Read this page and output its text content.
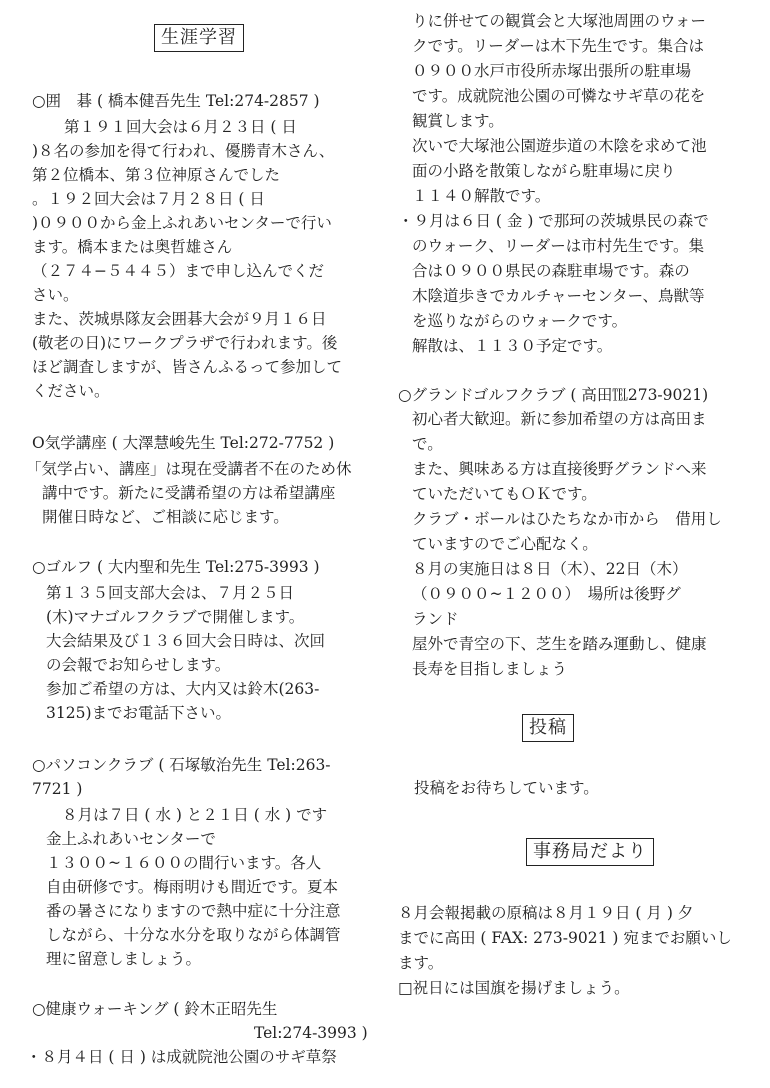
生涯学習
○囲　碁 ( 橋本健吾先生 Tel:274-2857 )
第１９１回大会は６月２３日 ( 日
)８名の参加を得て行われ、優勝青木さん、
第２位橋本、第３位神原さんでした
。１９２回大会は７月２８日 ( 日
)０９００から金上ふれあいセンターで行い
ます。橋本または奥哲雄さん
（２７４−５４４５）まで申し込んでくだ
さい。
また、茨城県隊友会囲碁大会が９月１６日
(敬老の日)にワークプラザで行われます。後
ほど調査しますが、皆さんふるって参加して
ください。
O気学講座 ( 大澤慧峻先生 Tel:272-7752 )
「気学占い、講座」は現在受講者不在のため休
講中です。新たに受講希望の方は希望講座
開催日時など、ご相談に応じます。
○ゴルフ ( 大内聖和先生 Tel:275-3993 )
第１３５回支部大会は、７月２５日
(木)マナゴルフクラブで開催します。
大会結果及び１３６回大会日時は、次回
の会報でお知らせします。
参加ご希望の方は、大内又は鈴木(263-
3125)までお電話下さい。
○パソコンクラブ ( 石塚敏治先生 Tel:263-
7721 )
８月は７日 ( 水 ) と２１日 ( 水 ) です
金上ふれあいセンターで
１３００~１６００の間行います。各人
自由研修です。梅雨明けも間近です。夏本
番の暑さになりますので熱中症に十分注意
しながら、十分な水分を取りながら体調管
理に留意しましょう。
○健康ウォーキング ( 鈴木正昭先生
Tel:274-3993 )
・８月４日 ( 日 ) は成就院池公園のサギ草祭
りに併せての観賞会と大塚池周囲のウォー
クです。リーダーは木下先生です。集合は
０９００水戸市役所赤塚出張所の駐車場
です。成就院池公園の可憐なサギ草の花を
観賞します。
次いで大塚池公園遊歩道の木陰を求めて池
面の小路を散策しながら駐車場に戻り
１１４０解散です。
・９月は６日 ( 金 ) で那珂の茨城県民の森で
のウォーク、リーダーは市村先生です。集
合は０９００県民の森駐車場です。森の
木陰道歩きでカルチャーセンター、鳥獣等
を巡りながらのウォークです。
解散は、１１３０予定です。
○グランドゴルフクラブ ( 高田℡273-9021)
初心者大歓迎。新に参加希望の方は高田ま
で。
また、興味ある方は直接後野グランドへ来
ていただいてもＯＫです。
クラブ・ボールはひたちなか市から　借用し
ていますのでご心配なく。
８月の実施日は８日（木）、22日（木）
（０９００~１２００）　場所は後野グ
ランド
屋外で青空の下、芝生を踏み運動し、健康
長寿を目指しましょう
投稿
投稿をお待ちしています。
事務局だより
８月会報掲載の原稿は８月１９日 ( 月 ) 夕
までに高田 ( FAX: 273-9021 ) 宛までお願いし
ます。
□祝日には国旗を揚げましょう。
